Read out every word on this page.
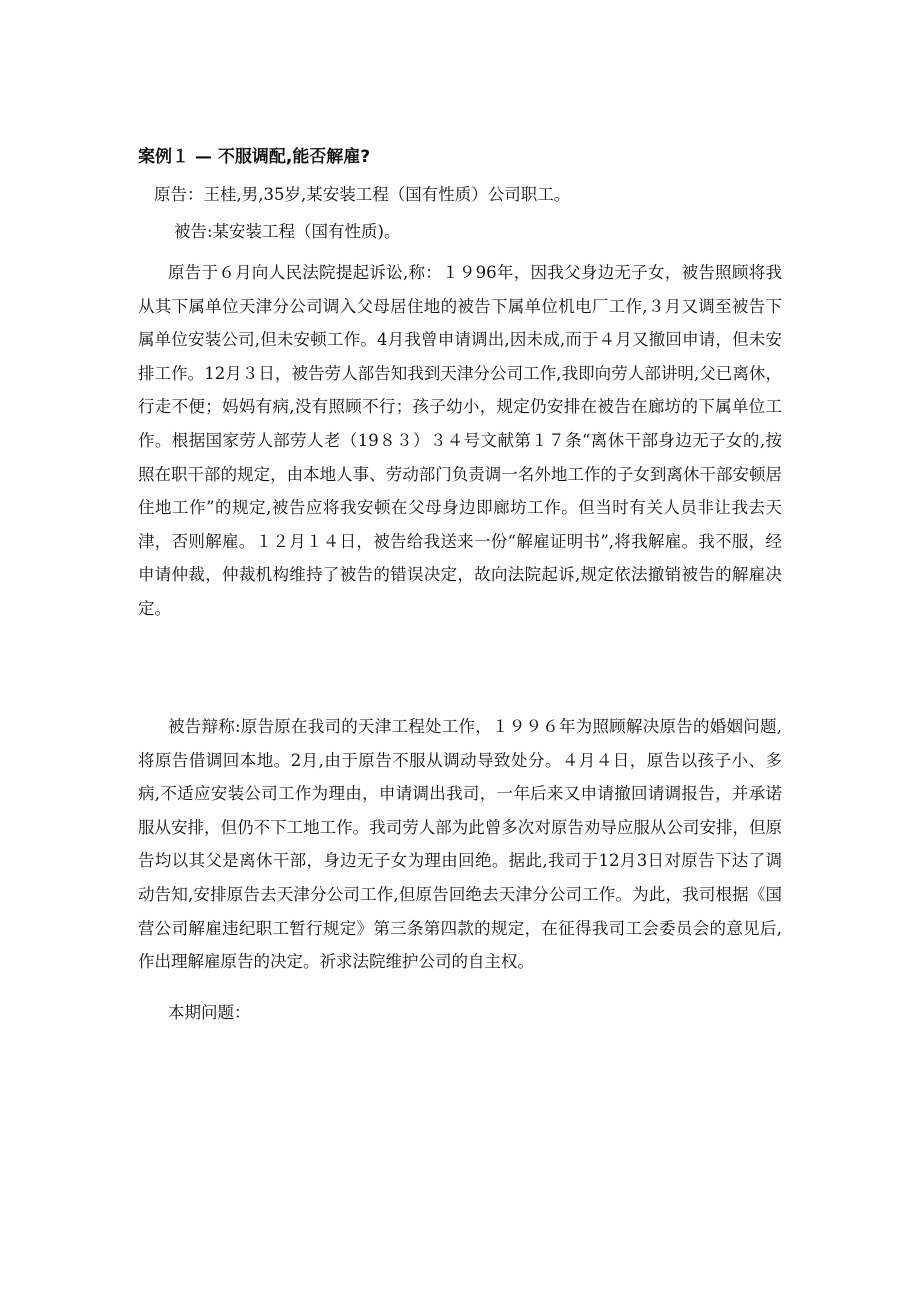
案例１ — 不服调配,能否解雇?
原告：王桂,男,35岁,某安装工程（国有性质）公司职工。
被告:某安装工程（国有性质)。

原告于６月向人民法院提起诉讼,称：１９96年，因我父身边无子女，被告照顾将我从其下属单位天津分公司调入父母居住地的被告下属单位机电厂工作,３月又调至被告下属单位安装公司,但未安顿工作。4月我曾申请调出,因未成,而于４月又撤回申请，但未安排工作。12月３日，被告劳人部告知我到天津分公司工作,我即向劳人部讲明,父已离休，行走不便；妈妈有病,没有照顾不行；孩子幼小，规定仍安排在被告在廊坊的下属单位工作。根据国家劳人部劳人老（19８３）３４号文献第１７条“离休干部身边无子女的,按照在职干部的规定，由本地人事、劳动部门负责调一名外地工作的子女到离休干部安顿居住地工作”的规定,被告应将我安顿在父母身边即廊坊工作。但当时有关人员非让我去天津，否则解雇。１２月１４日，被告给我送来一份“解雇证明书”,将我解雇。我不服，经申请仲裁，仲裁机构维持了被告的错误决定，故向法院起诉,规定依法撤销被告的解雇决定。

被告辩称:原告原在我司的天津工程处工作，１９９６年为照顾解决原告的婚姻问题,将原告借调回本地。2月,由于原告不服从调动导致处分。４月４日，原告以孩子小、多病,不适应安装公司工作为理由，申请调出我司，一年后来又申请撤回请调报告，并承诺服从安排，但仍不下工地工作。我司劳人部为此曾多次对原告劝导应服从公司安排，但原告均以其父是离休干部，身边无子女为理由回绝。据此,我司于12月3日对原告下达了调动告知,安排原告去天津分公司工作,但原告回绝去天津分公司工作。为此，我司根据《国营公司解雇违纪职工暂行规定》第三条第四款的规定，在征得我司工会委员会的意见后,作出理解雇原告的决定。祈求法院维护公司的自主权。

本期问题：
